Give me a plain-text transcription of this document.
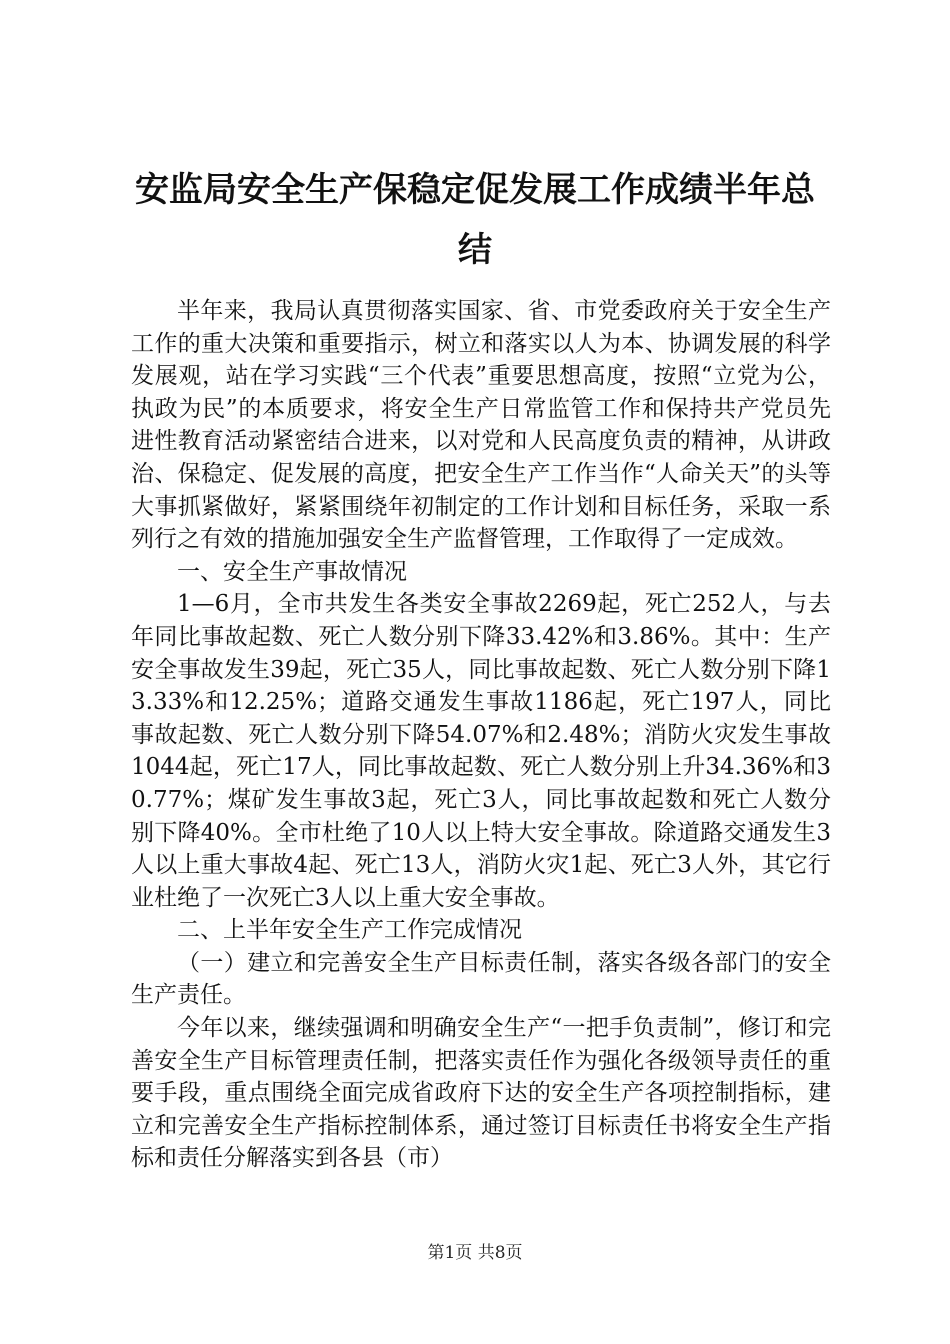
安监局安全生产保稳定促发展工作成绩半年总结

半年来，我局认真贯彻落实国家、省、市党委政府关于安全生产工作的重大决策和重要指示，树立和落实以人为本、协调发展的科学发展观，站在学习实践“三个代表”重要思想高度，按照“立党为公，执政为民”的本质要求，将安全生产日常监管工作和保持共产党员先进性教育活动紧密结合进来，以对党和人民高度负责的精神，从讲政治、保稳定、促发展的高度，把安全生产工作当作“人命关天”的头等大事抓紧做好，紧紧围绕年初制定的工作计划和目标任务，采取一系列行之有效的措施加强安全生产监督管理，工作取得了一定成效。

一、安全生产事故情况

1—6月，全市共发生各类安全事故2269起，死亡252人，与去年同比事故起数、死亡人数分别下降33.42%和3.86%。其中：生产安全事故发生39起，死亡35人，同比事故起数、死亡人数分别下降13.33%和12.25%；道路交通发生事故1186起，死亡197人，同比事故起数、死亡人数分别下降54.07%和2.48%；消防火灾发生事故1044起，死亡17人，同比事故起数、死亡人数分别上升34.36%和30.77%；煤矿发生事故3起，死亡3人，同比事故起数和死亡人数分别下降40%。全市杜绝了10人以上特大安全事故。除道路交通发生3人以上重大事故4起、死亡13人，消防火灾1起、死亡3人外，其它行业杜绝了一次死亡3人以上重大安全事故。

二、上半年安全生产工作完成情况

（一）建立和完善安全生产目标责任制，落实各级各部门的安全生产责任。

今年以来，继续强调和明确安全生产“一把手负责制”，修订和完善安全生产目标管理责任制，把落实责任作为强化各级领导责任的重要手段，重点围绕全面完成省政府下达的安全生产各项控制指标，建立和完善安全生产指标控制体系，通过签订目标责任书将安全生产指标和责任分解落实到各县（市）

第1页 共8页
